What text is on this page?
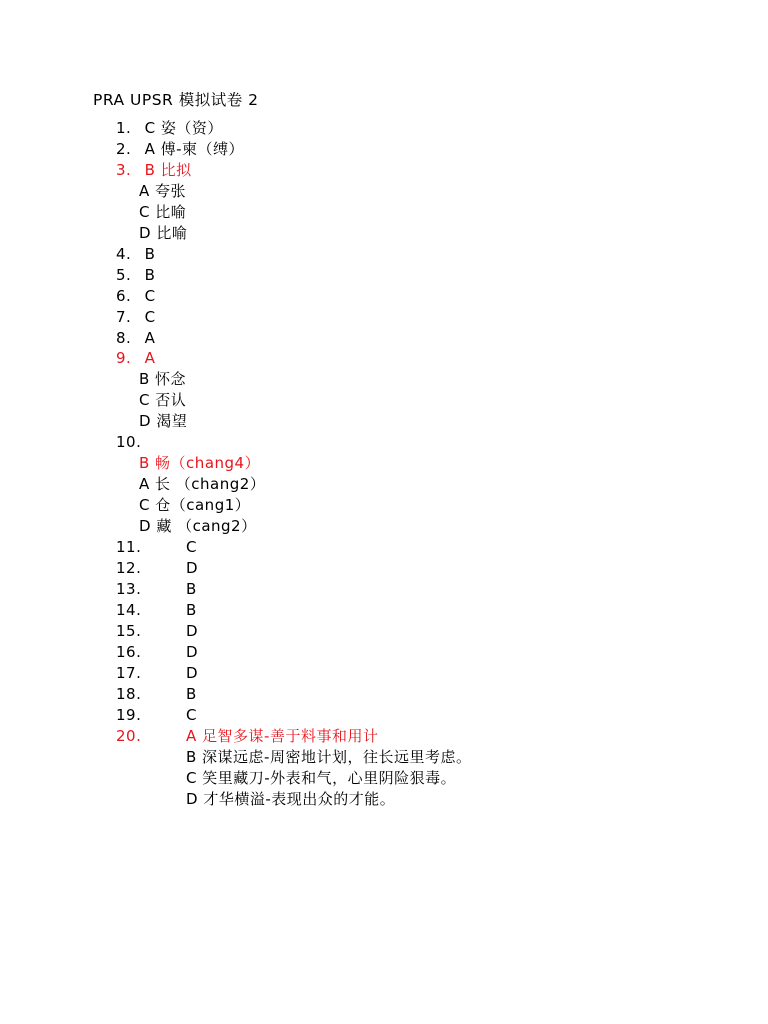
PRA UPSR 模拟试卷 2
1. C 姿（资）
2. A 傅-柬（缚）
3. B 比拟
A 夸张
C 比喻
D 比喻
4. B
5. B
6. C
7. C
8. A
9. A
B 怀念
C 否认
D 渴望
10.
B 畅（chang4）
A 长 （chang2）
C 仓（cang1）
D 藏 （cang2）
11.	C
12.	D
13.	B
14.	B
15.	D
16.	D
17.	D
18.	B
19.	C
20.	A 足智多谋-善于料事和用计
B 深谋远虑-周密地计划，往长远里考虑。
C 笑里藏刀-外表和气，心里阴险狠毒。
D 才华横溢-表现出众的才能。
